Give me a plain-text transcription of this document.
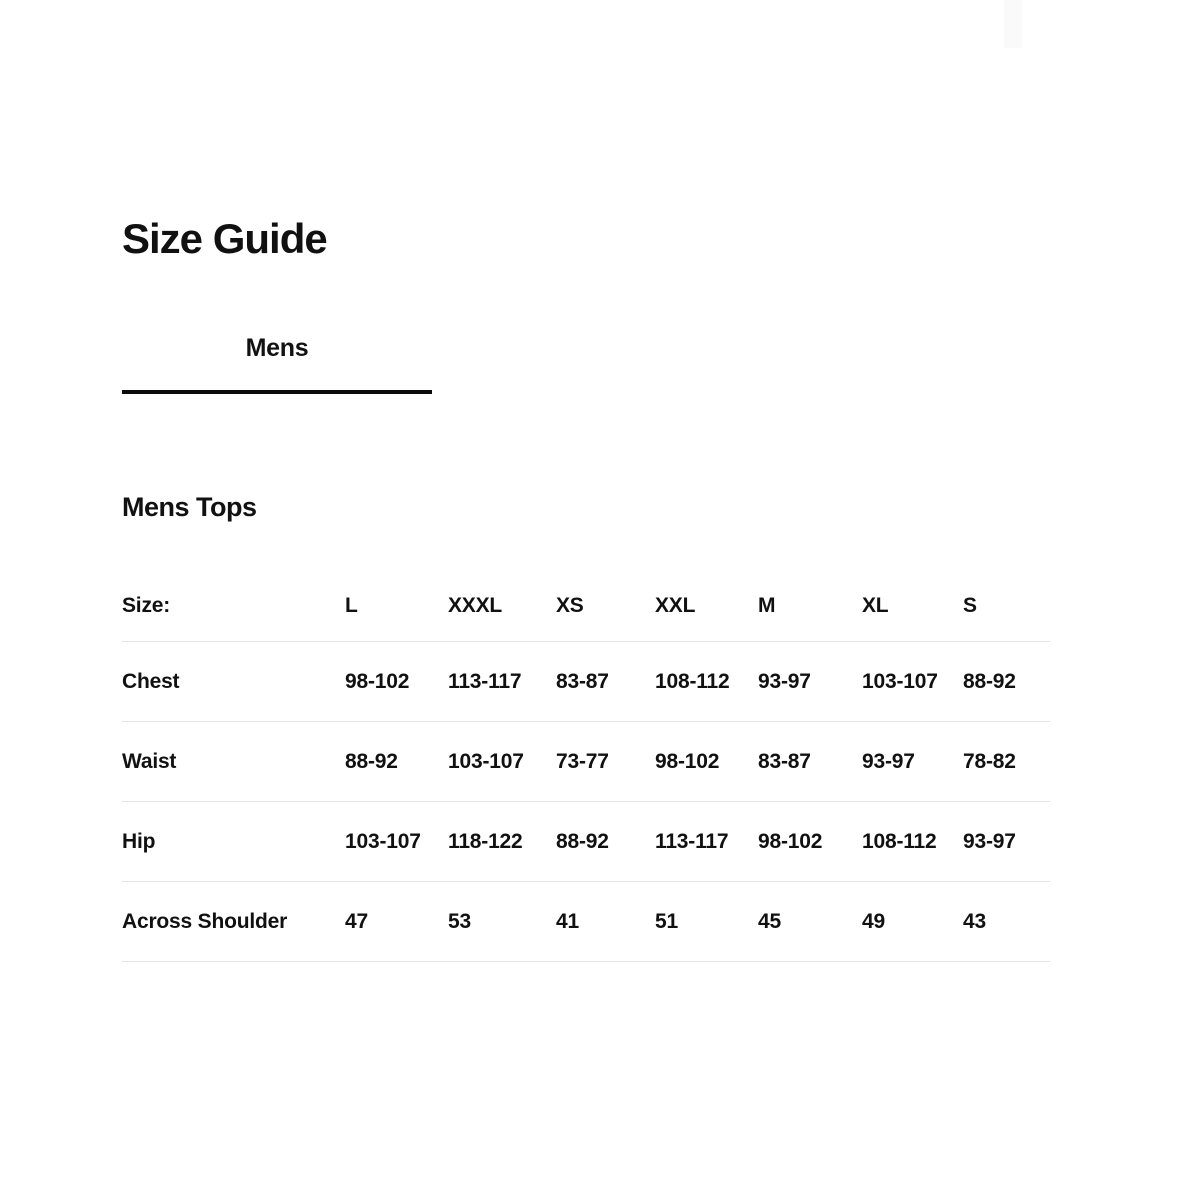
Size Guide
Mens
Mens Tops
Size:	L	XXXL	XS	XXL	M	XL	S
Chest	98-102	113-117	83-87	108-112	93-97	103-107	88-92
Waist	88-92	103-107	73-77	98-102	83-87	93-97	78-82
Hip	103-107	118-122	88-92	113-117	98-102	108-112	93-97
Across Shoulder	47	53	41	51	45	49	43
